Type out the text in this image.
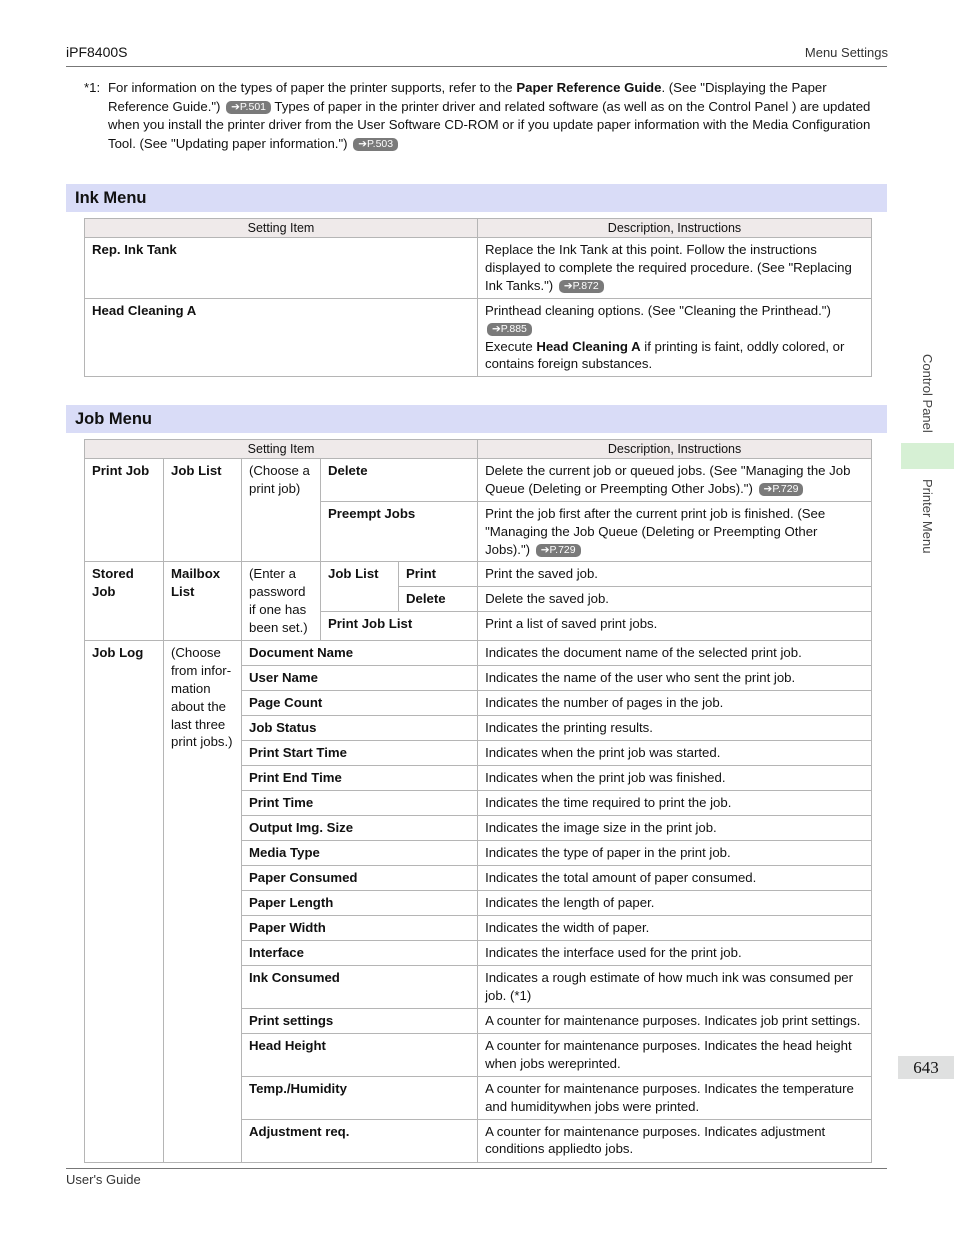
iPF8400S	Menu Settings
*1: For information on the types of paper the printer supports, refer to the Paper Reference Guide. (See "Displaying the Paper Reference Guide.") ➔P.501 Types of paper in the printer driver and related software (as well as on the Control Panel ) are updated when you install the printer driver from the User Software CD-ROM or if you update paper information with the Media Configuration Tool. (See "Updating paper information.") ➔P.503
Ink Menu
Setting Item	Description, Instructions
Rep. Ink Tank	Replace the Ink Tank at this point. Follow the instructions displayed to complete the required procedure. (See "Replacing Ink Tanks.") ➔P.872
Head Cleaning A	Printhead cleaning options. (See "Cleaning the Printhead.") ➔P.885
Execute Head Cleaning A if printing is faint, oddly colored, or contains foreign substances.
Job Menu
Setting Item					Description, Instructions
Print Job	Job List	(Choose a print job)	Delete		Delete the current job or queued jobs. (See "Managing the Job Queue (Deleting or Preempting Other Jobs).") ➔P.729
			Preempt Jobs		Print the job first after the current print job is finished. (See "Managing the Job Queue (Deleting or Preempting Other Jobs).") ➔P.729
Stored Job	Mailbox List	(Enter a password if one has been set.)	Job List	Print	Print the saved job.
				Delete	Delete the saved job.
			Print Job List		Print a list of saved print jobs.
Job Log	(Choose from information about the last three print jobs.)	Document Name			Indicates the document name of the selected print job.
		User Name			Indicates the name of the user who sent the print job.
		Page Count			Indicates the number of pages in the job.
		Job Status			Indicates the printing results.
		Print Start Time			Indicates when the print job was started.
		Print End Time			Indicates when the print job was finished.
		Print Time			Indicates the time required to print the job.
		Output Img. Size			Indicates the image size in the print job.
		Media Type			Indicates the type of paper in the print job.
		Paper Consumed			Indicates the total amount of paper consumed.
		Paper Length			Indicates the length of paper.
		Paper Width			Indicates the width of paper.
		Interface			Indicates the interface used for the print job.
		Ink Consumed			Indicates a rough estimate of how much ink was consumed per job. (*1)
		Print settings			A counter for maintenance purposes. Indicates job print settings.
		Head Height			A counter for maintenance purposes. Indicates the head height when jobs wereprinted.
		Temp./Humidity			A counter for maintenance purposes. Indicates the temperature and humiditywhen jobs were printed.
		Adjustment req.			A counter for maintenance purposes. Indicates adjustment conditions appliedto jobs.
Control Panel
Printer Menu
643
User's Guide
